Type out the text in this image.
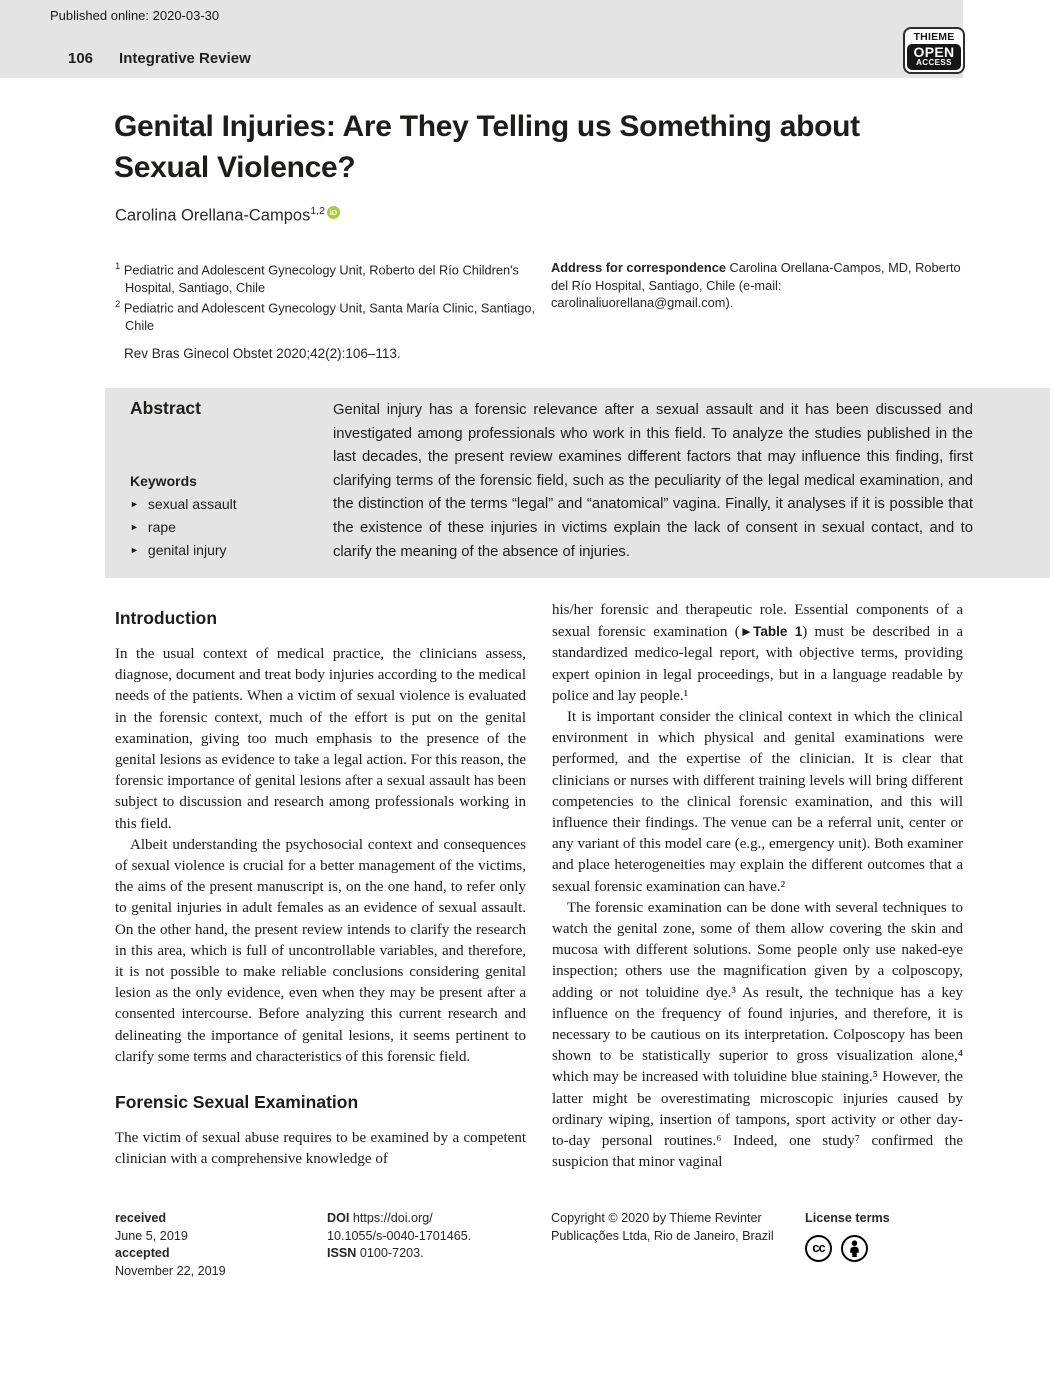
Published online: 2020-03-30
106 Integrative Review
THIEME
OPEN
ACCESS
Genital Injuries: Are They Telling us Something about Sexual Violence?
Carolina Orellana-Campos$^{1,2}$ iD
$^1$ Pediatric and Adolescent Gynecology Unit, Roberto del Río Children's Hospital, Santiago, Chile
$^2$ Pediatric and Adolescent Gynecology Unit, Santa María Clinic, Santiago, Chile
Rev Bras Ginecol Obstet 2020;42(2):106–113.
Address for correspondence Carolina Orellana-Campos, MD, Roberto del Río Hospital, Santiago, Chile (e-mail: carolinaliuorellana@gmail.com).
Abstract
Keywords
► sexual assault
► rape
► genital injury
Genital injury has a forensic relevance after a sexual assault and it has been discussed and investigated among professionals who work in this field. To analyze the studies published in the last decades, the present review examines different factors that may influence this finding, first clarifying terms of the forensic field, such as the peculiarity of the legal medical examination, and the distinction of the terms “legal” and “anatomical” vagina. Finally, it analyses if it is possible that the existence of these injuries in victims explain the lack of consent in sexual contact, and to clarify the meaning of the absence of injuries.
Introduction

In the usual context of medical practice, the clinicians assess, diagnose, document and treat body injuries according to the medical needs of the patients. When a victim of sexual violence is evaluated in the forensic context, much of the effort is put on the genital examination, giving too much emphasis to the presence of the genital lesions as evidence to take a legal action. For this reason, the forensic importance of genital lesions after a sexual assault has been subject to discussion and research among professionals working in this field.

Albeit understanding the psychosocial context and consequences of sexual violence is crucial for a better management of the victims, the aims of the present manuscript is, on the one hand, to refer only to genital injuries in adult females as an evidence of sexual assault. On the other hand, the present review intends to clarify the research in this area, which is full of uncontrollable variables, and therefore, it is not possible to make reliable conclusions considering genital lesion as the only evidence, even when they may be present after a consented intercourse. Before analyzing this current research and delineating the importance of genital lesions, it seems pertinent to clarify some terms and characteristics of this forensic field.

Forensic Sexual Examination

The victim of sexual abuse requires to be examined by a competent clinician with a comprehensive knowledge of

his/her forensic and therapeutic role. Essential components of a sexual forensic examination (►Table 1) must be described in a standardized medico-legal report, with objective terms, providing expert opinion in legal proceedings, but in a language readable by police and lay people.¹

It is important consider the clinical context in which the clinical environment in which physical and genital examinations were performed, and the expertise of the clinician. It is clear that clinicians or nurses with different training levels will bring different competencies to the clinical forensic examination, and this will influence their findings. The venue can be a referral unit, center or any variant of this model care (e.g., emergency unit). Both examiner and place heterogeneities may explain the different outcomes that a sexual forensic examination can have.²

The forensic examination can be done with several techniques to watch the genital zone, some of them allow covering the skin and mucosa with different solutions. Some people only use naked-eye inspection; others use the magnification given by a colposcopy, adding or not toluidine dye.³ As result, the technique has a key influence on the frequency of found injuries, and therefore, it is necessary to be cautious on its interpretation. Colposcopy has been shown to be statistically superior to gross visualization alone,⁴ which may be increased with toluidine blue staining.⁵ However, the latter might be overestimating microscopic injuries caused by ordinary wiping, insertion of tampons, sport activity or other day-to-day personal routines.⁶ Indeed, one study⁷ confirmed the suspicion that minor vaginal

received
June 5, 2019
accepted
November 22, 2019
DOI https://doi.org/
10.1055/s-0040-1701465.
ISSN 0100-7203.
Copyright © 2020 by Thieme Revinter
Publicações Ltda, Rio de Janeiro, Brazil
License terms
cc
